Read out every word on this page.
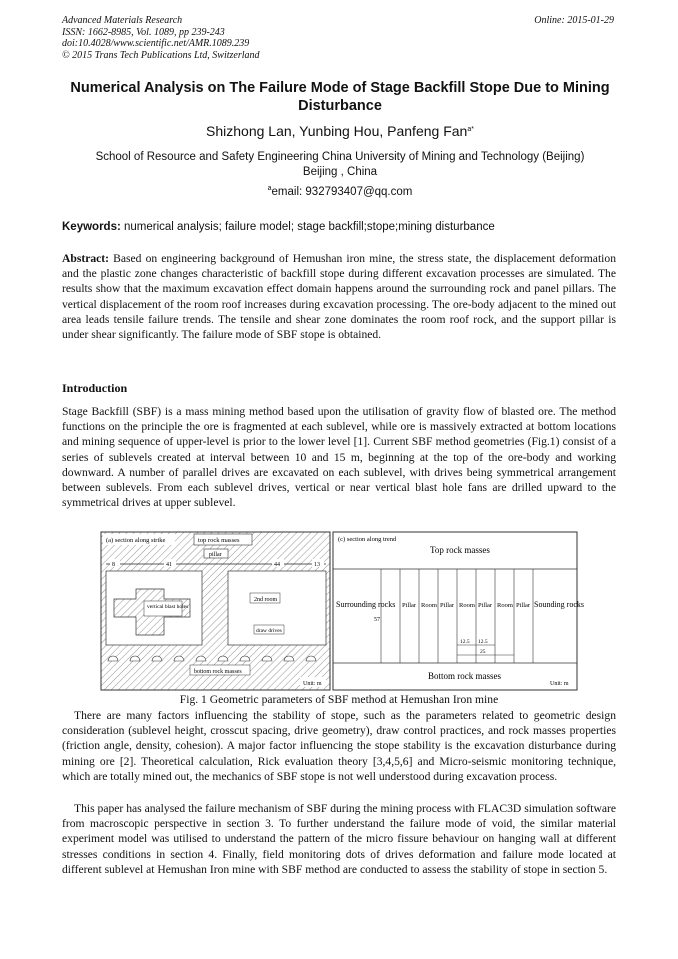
Advanced Materials Research
ISSN: 1662-8985, Vol. 1089, pp 239-243
doi:10.4028/www.scientific.net/AMR.1089.239
© 2015 Trans Tech Publications Ltd, Switzerland
Online: 2015-01-29
Numerical Analysis on The Failure Mode of Stage Backfill Stope Due to Mining Disturbance
Shizhong Lan, Yunbing Hou, Panfeng Fan$^{a*}$
School of Resource and Safety Engineering China University of Mining and Technology (Beijing)
Beijing , China
$^a$email: 932793407@qq.com
Keywords: numerical analysis; failure model; stage backfill;stope;mining disturbance

Abstract: Based on engineering background of Hemushan iron mine, the stress state, the displacement deformation and the plastic zone changes characteristic of backfill stope during different excavation processes are simulated. The results show that the maximum excavation effect domain happens around the surrounding rock and panel pillars. The vertical displacement of the room roof increases during excavation processing. The ore-body adjacent to the mined out area leads tensile failure trends. The tensile and shear zone dominates the room roof rock, and the support pillar is under shear significantly. The failure mode of SBF stope is obtained.

Introduction

Stage Backfill (SBF) is a mass mining method based upon the utilisation of gravity flow of blasted ore. The method functions on the principle the ore is fragmented at each sublevel, while ore is massively extracted at bottom locations and mining sequence of upper-level is prior to the lower level [1]. Current SBF method geometries (Fig.1) consist of a series of sublevels created at interval between 10 and 15 m, beginning at the top of the ore-body and working downward. A number of parallel drives are excavated on each sublevel, with drives being symmetrical arrangement between sublevels. From each sublevel drives, vertical or near vertical blast hole fans are drilled upward to the symmetrical drives at upper sublevel.

(a) section along strike	top rock masses
pillar
8	41	44	13
vertical blast holes
2nd room
draw drives
bottom rock masses
Unit: m
(c) section along trend
Top rock masses
Surrounding rocks	Sounding rocks
57
Pillar Room Pillar Room Pillar Room Pillar
12.5 12.5
25
Bottom rock masses
Unit: m
Fig. 1 Geometric parameters of SBF method at Hemushan Iron mine

There are many factors influencing the stability of stope, such as the parameters related to geometric design consideration (sublevel height, crosscut spacing, drive geometry), draw control practices, and rock masses properties (friction angle, density, cohesion). A major factor influencing the stope stability is the excavation disturbance during mining ore [2]. Theoretical calculation, Rick evaluation theory [3,4,5,6] and Micro-seismic monitoring technique, which are totally mined out, the mechanics of SBF stope is not well understood during excavation process.

This paper has analysed the failure mechanism of SBF during the mining process with FLAC3D simulation software from macroscopic perspective in section 3. To further understand the failure mode of void, the similar material experiment model was utilised to understand the pattern of the micro fissure behaviour on hanging wall at different stresses conditions in section 4. Finally, field monitoring dots of drives deformation and failure mode located at different sublevel at Hemushan Iron mine with SBF method are conducted to assess the stability of stope in section 5.
